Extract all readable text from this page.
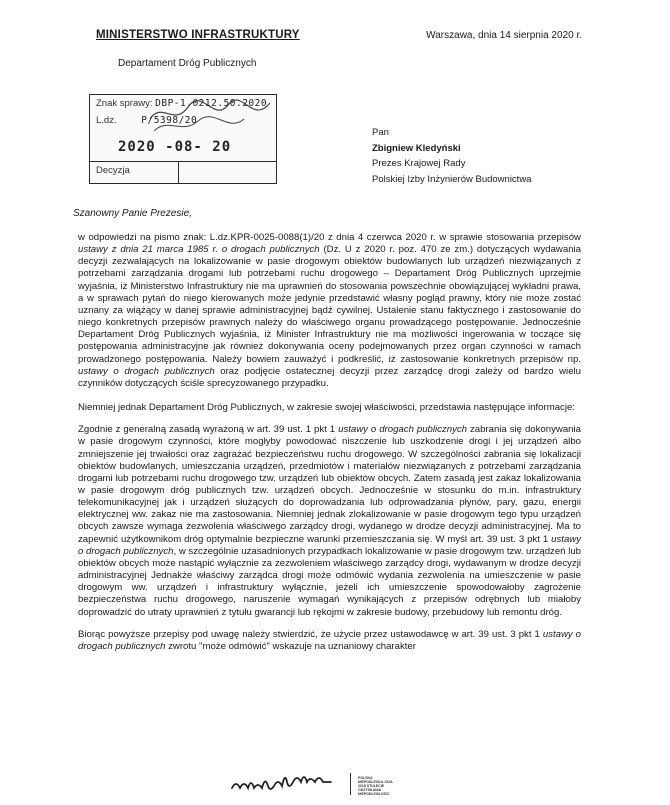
MINISTERSTWO INFRASTRUKTURY	Warszawa, dnia 14 sierpnia 2020 r.
Departament Dróg Publicznych
Znak sprawy: DBP-1.0212.50.2020
L.dz.	P/5398/20
2020 -08- 20
Decyzja
Pan
Zbigniew Kledyński
Prezes Krajowej Rady
Polskiej Izby Inżynierów Budownictwa
Szanowny Panie Prezesie,

w odpowiedzi na pismo znak: L.dz.KPR-0025-0088(1)/20 z dnia 4 czerwca 2020 r. w sprawie stosowania przepisów ustawy z dnia 21 marca 1985 r. o drogach publicznych (Dz. U z 2020 r. poz. 470 ze zm.) dotyczących wydawania decyzji zezwalających na lokalizowanie w pasie drogowym obiektów budowlanych lub urządzeń niezwiązanych z potrzebami zarządzania drogami lub potrzebami ruchu drogowego – Departament Dróg Publicznych uprzejmie wyjaśnia, iż Ministerstwo Infrastruktury nie ma uprawnień do stosowania powszechnie obowiązującej wykładni prawa, a w sprawach pytań do niego kierowanych może jedynie przedstawić własny pogląd prawny, który nie może zostać uznany za wiążący w danej sprawie administracyjnej bądź cywilnej. Ustalenie stanu faktycznego i zastosowanie do niego konkretnych przepisów prawnych należy do właściwego organu prowadzącego postępowanie. Jednocześnie Departament Dróg Publicznych wyjaśnia, iż Minister Infrastruktury nie ma możliwości ingerowania w toczące się postępowania administracyjne jak również dokonywania oceny podejmowanych przez organ czynności w ramach prowadzonego postępowania. Należy bowiem zauważyć i podkreślić, iż zastosowanie konkretnych przepisów np. ustawy o drogach publicznych oraz podjęcie ostatecznej decyzji przez zarządcę drogi zależy od bardzo wielu czynników dotyczących ściśle sprecyzowanego przypadku.

Niemniej jednak Departament Dróg Publicznych, w zakresie swojej właściwości, przedstawia następujące informacje:

Zgodnie z generalną zasadą wyrażoną w art. 39 ust. 1 pkt 1 ustawy o drogach publicznych zabrania się dokonywania w pasie drogowym czynności, które mogłyby powodować niszczenie lub uszkodzenie drogi i jej urządzeń albo zmniejszenie jej trwałości oraz zagrażać bezpieczeństwu ruchu drogowego. W szczególności zabrania się lokalizacji obiektów budowlanych, umieszczania urządzeń, przedmiotów i materiałów niezwiązanych z potrzebami zarządzania drogami lub potrzebami ruchu drogowego tzw. urządzeń lub obiektów obcych. Zatem zasadą jest zakaz lokalizowania w pasie drogowym dróg publicznych tzw. urządzeń obcych. Jednocześnie w stosunku do m.in. infrastruktury telekomunikacyjnej jak i urządzeń służących do doprowadzania lub odprowadzania płynów, pary, gazu, energii elektrycznej ww. zakaz nie ma zastosowania. Niemniej jednak zlokalizowanie w pasie drogowym tego typu urządzeń obcych zawsze wymaga zezwolenia właściwego zarządcy drogi, wydanego w drodze decyzji administracyjnej. Ma to zapewnić użytkownikom dróg optymalnie bezpieczne warunki przemieszczania się. W myśl art. 39 ust. 3 pkt 1 ustawy o drogach publicznych, w szczególnie uzasadnionych przypadkach lokalizowanie w pasie drogowym tzw. urządzeń lub obiektów obcych może nastąpić wyłącznie za zezwoleniem właściwego zarządcy drogi, wydawanym w drodze decyzji administracyjnej Jednakże właściwy zarządca drogi może odmówić wydania zezwolenia na umieszczenie w pasie drogowym ww. urządzeń i infrastruktury wyłącznie, jeżeli ich umieszczenie spowodowałoby zagrożenie bezpieczeństwa ruchu drogowego, naruszenie wymagań wynikających z przepisów odrębnych lub miałoby doprowadzić do utraty uprawnień z tytułu gwarancji lub rękojmi w zakresie budowy, przebudowy lub remontu dróg.

Biorąc powyższe przepisy pod uwagę należy stwierdzić, że użycie przez ustawodawcę w art. 39 ust. 3 pkt 1 ustawy o drogach publicznych zwrotu "może odmówić" wskazuje na uznaniowy charakter

POLSKA NIEPODLEGŁA 1918-2018 STULECIE ODZYSKANIA NIEPODLEGŁOŚCI
